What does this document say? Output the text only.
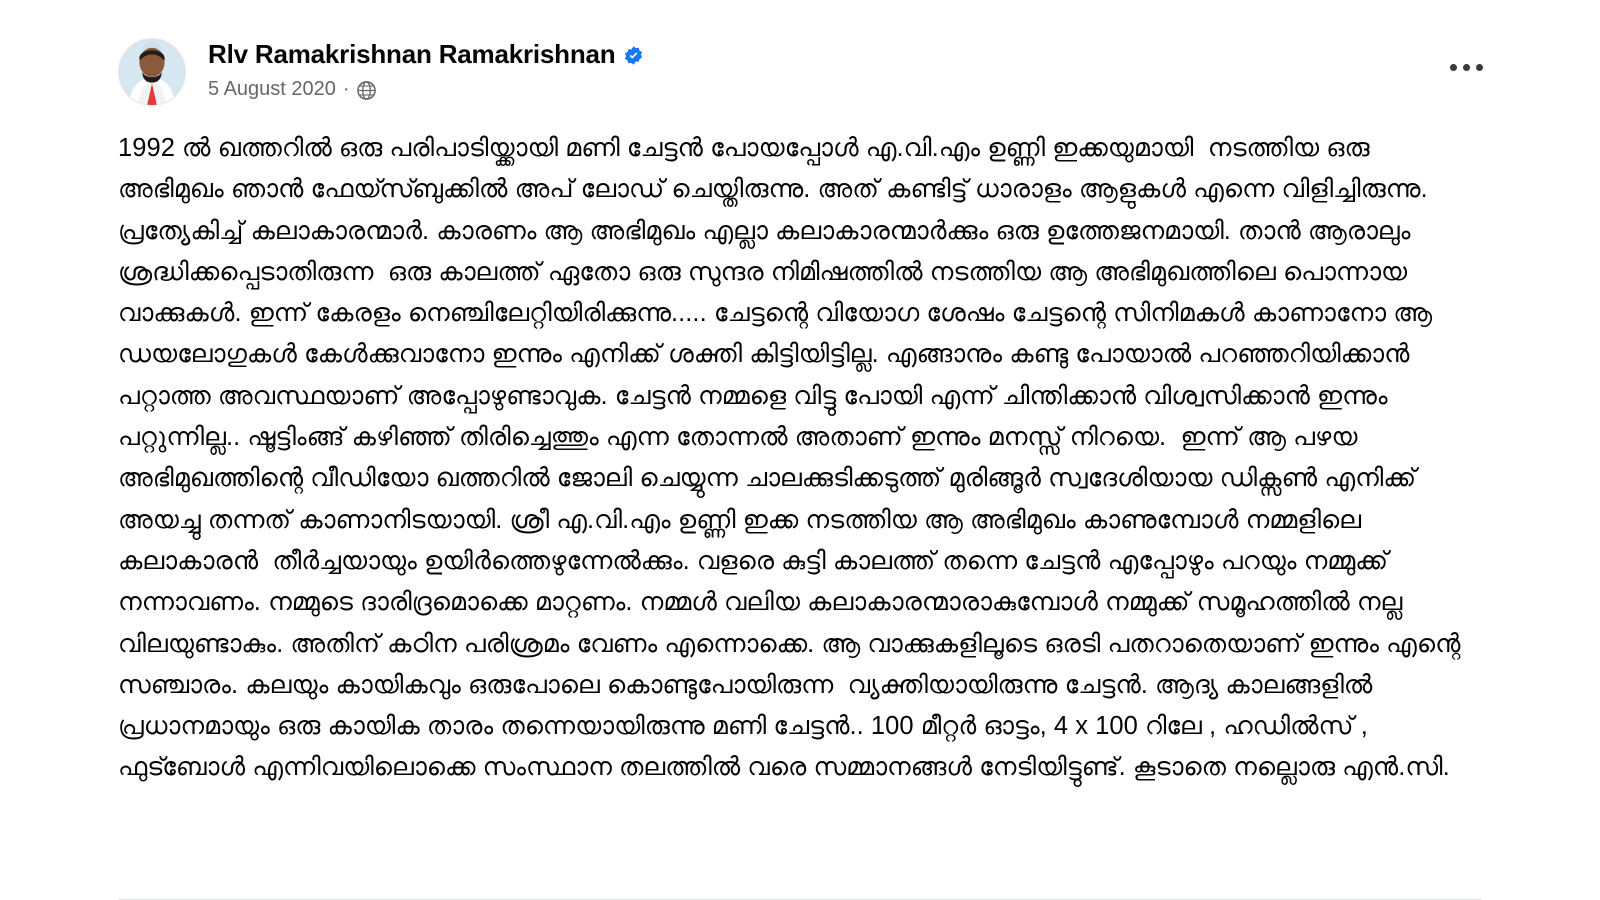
Rlv Ramakrishnan Ramakrishnan
5 August 2020 ·
1992 ൽ ഖത്തറിൽ ഒരു പരിപാടിയ്ക്കായി മണി ചേട്ടൻ പോയപ്പോൾ എ.വി.എം ഉണ്ണി ഇക്കയുമായി  നടത്തിയ ഒരു അഭിമുഖം ഞാൻ ഫേയ്സ്ബുക്കിൽ അപ് ലോഡ് ചെയ്തിരുന്നു. അത് കണ്ടിട്ട് ധാരാളം ആളുകൾ എന്നെ വിളിച്ചിരുന്നു. പ്രത്യേകിച്ച് കലാകാരന്മാർ. കാരണം ആ അഭിമുഖം എല്ലാ കലാകാരന്മാർക്കും ഒരു ഉത്തേജനമായി. താൻ ആരാലും ശ്രദ്ധിക്കപ്പെടാതിരുന്ന  ഒരു കാലത്ത് ഏതോ ഒരു സുന്ദര നിമിഷത്തിൽ നടത്തിയ ആ അഭിമുഖത്തിലെ പൊന്നായ വാക്കുകൾ. ഇന്ന് കേരളം നെഞ്ചിലേറ്റിയിരിക്കുന്നു..... ചേട്ടന്റെ വിയോഗ ശേഷം ചേട്ടന്റെ സിനിമകൾ കാണാനോ ആ ഡയലോഗുകൾ കേൾക്കുവാനോ ഇന്നും എനിക്ക് ശക്തി കിട്ടിയിട്ടില്ല. എങ്ങാനും കണ്ടു പോയാൽ പറഞ്ഞറിയിക്കാൻ പറ്റാത്ത അവസ്ഥയാണ് അപ്പോഴുണ്ടാവുക. ചേട്ടൻ നമ്മളെ വിട്ടു പോയി എന്ന് ചിന്തിക്കാൻ വിശ്വസിക്കാൻ ഇന്നും പറ്റുന്നില്ല.. ഷൂട്ടിംങ്ങ് കഴിഞ്ഞ് തിരിച്ചെത്തും എന്ന തോന്നൽ അതാണ് ഇന്നും മനസ്സ് നിറയെ.  ഇന്ന് ആ പഴയ അഭിമുഖത്തിന്റെ വീഡിയോ ഖത്തറിൽ ജോലി ചെയ്യുന്ന ചാലക്കുടിക്കടുത്ത് മുരിങ്ങൂർ സ്വദേശിയായ ഡിക്സൺ എനിക്ക് അയച്ചു തന്നത് കാണാനിടയായി. ശ്രീ എ.വി.എം ഉണ്ണി ഇക്ക നടത്തിയ ആ അഭിമുഖം കാണുമ്പോൾ നമ്മളിലെ കലാകാരൻ  തീർച്ചയായും ഉയിർത്തെഴുന്നേൽക്കും. വളരെ കുട്ടി കാലത്ത് തന്നെ ചേട്ടൻ എപ്പോഴും പറയും നമ്മുക്ക് നന്നാവണം. നമ്മുടെ ദാരിദ്രമൊക്കെ മാറ്റണം. നമ്മൾ വലിയ കലാകാരന്മാരാകുമ്പോൾ നമ്മുക്ക് സമൂഹത്തിൽ നല്ല വിലയുണ്ടാകും. അതിന് കഠിന പരിശ്രമം വേണം എന്നൊക്കെ. ആ വാക്കുകളിലൂടെ ഒരടി പതറാതെയാണ് ഇന്നും എന്റെ സഞ്ചാരം. കലയും കായികവും ഒരുപോലെ കൊണ്ടുപോയിരുന്ന  വ്യക്തിയായിരുന്നു ചേട്ടൻ. ആദ്യ കാലങ്ങളിൽ പ്രധാനമായും ഒരു കായിക താരം തന്നെയായിരുന്നു മണി ചേട്ടൻ.. 100 മീറ്റർ ഓട്ടം, 4 x 100 റിലേ , ഹഡിൽസ് , ഫുട്ബോൾ എന്നിവയിലൊക്കെ സംസ്ഥാന തലത്തിൽ വരെ സമ്മാനങ്ങൾ നേടിയിട്ടുണ്ട്. കൂടാതെ നല്ലൊരു എൻ.സി.
